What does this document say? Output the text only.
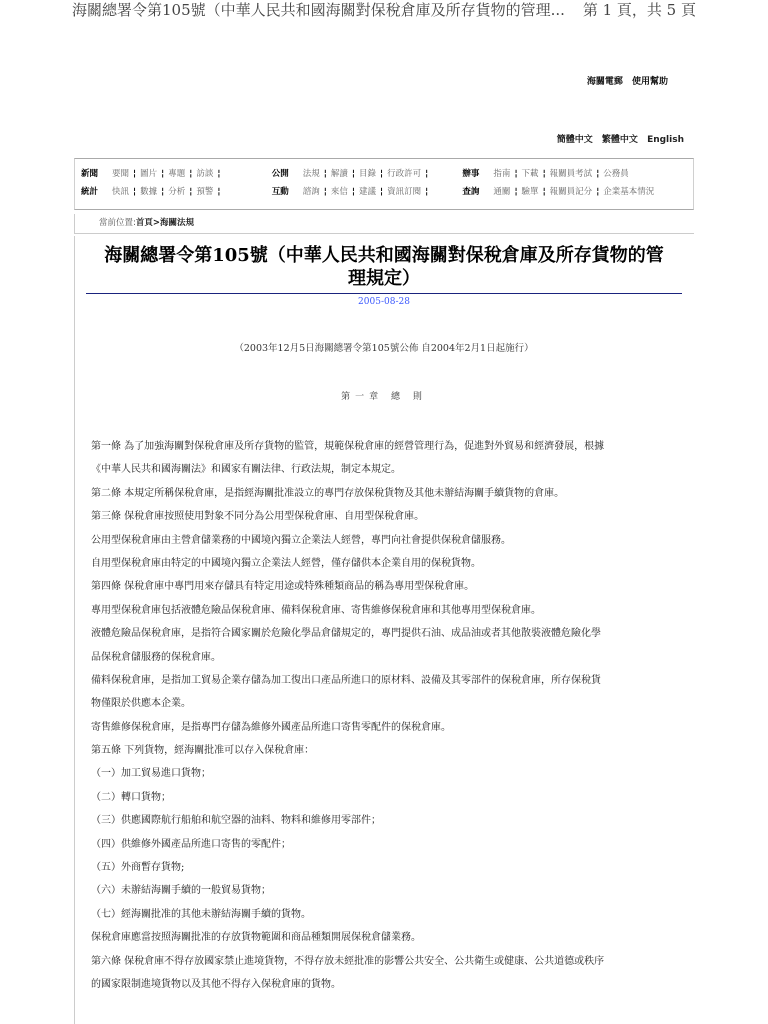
海關總署令第105號（中華人民共和國海關對保稅倉庫及所存貨物的管理... 第 1 頁，共 5 頁
海關電郵 使用幫助
簡體中文 繁體中文 English
新聞 要聞 ¦ 圖片 ¦ 專題 ¦ 訪談 ¦	公開 法規 ¦ 解讀 ¦ 目錄 ¦ 行政許可 ¦	辦事 指南 ¦ 下載 ¦ 報關員考試 ¦ 公務員
統計 快訊 ¦ 數據 ¦ 分析 ¦ 預警 ¦	互動 諮詢 ¦ 來信 ¦ 建議 ¦ 資訊訂閱 ¦	查詢 通關 ¦ 驗單 ¦ 報關員記分 ¦ 企業基本情況
當前位置:首頁>海關法規
海關總署令第105號（中華人民共和國海關對保稅倉庫及所存貨物的管
理規定）
2005-08-28
（2003年12月5日海關總署令第105號公佈 自2004年2月1日起施行）
第一章 總 則
第一條 為了加強海關對保稅倉庫及所存貨物的監管，規範保稅倉庫的經營管理行為，促進對外貿易和經濟發展，根據
《中華人民共和國海關法》和國家有關法律、行政法規，制定本規定。
第二條 本規定所稱保稅倉庫，是指經海關批准設立的專門存放保稅貨物及其他未辦結海關手續貨物的倉庫。
第三條 保稅倉庫按照使用對象不同分為公用型保稅倉庫、自用型保稅倉庫。
公用型保稅倉庫由主營倉儲業務的中國境內獨立企業法人經營，專門向社會提供保稅倉儲服務。
自用型保稅倉庫由特定的中國境內獨立企業法人經營，僅存儲供本企業自用的保稅貨物。
第四條 保稅倉庫中專門用來存儲具有特定用途或特殊種類商品的稱為專用型保稅倉庫。
專用型保稅倉庫包括液體危險品保稅倉庫、備料保稅倉庫、寄售維修保稅倉庫和其他專用型保稅倉庫。
液體危險品保稅倉庫，是指符合國家關於危險化學品倉儲規定的，專門提供石油、成品油或者其他散裝液體危險化學
品保稅倉儲服務的保稅倉庫。
備料保稅倉庫，是指加工貿易企業存儲為加工復出口產品所進口的原材料、設備及其零部件的保稅倉庫，所存保稅貨
物僅限於供應本企業。
寄售維修保稅倉庫，是指專門存儲為維修外國產品所進口寄售零配件的保稅倉庫。
第五條 下列貨物，經海關批准可以存入保稅倉庫：
（一）加工貿易進口貨物；
（二）轉口貨物；
（三）供應國際航行船舶和航空器的油料、物料和維修用零部件；
（四）供維修外國產品所進口寄售的零配件；
（五）外商暫存貨物;
（六）未辦結海關手續的一般貿易貨物；
（七）經海關批准的其他未辦結海關手續的貨物。
保稅倉庫應當按照海關批准的存放貨物範圍和商品種類開展保稅倉儲業務。
第六條 保稅倉庫不得存放國家禁止進境貨物，不得存放未經批准的影響公共安全、公共衛生或健康、公共道德或秩序
的國家限制進境貨物以及其他不得存入保稅倉庫的貨物。
